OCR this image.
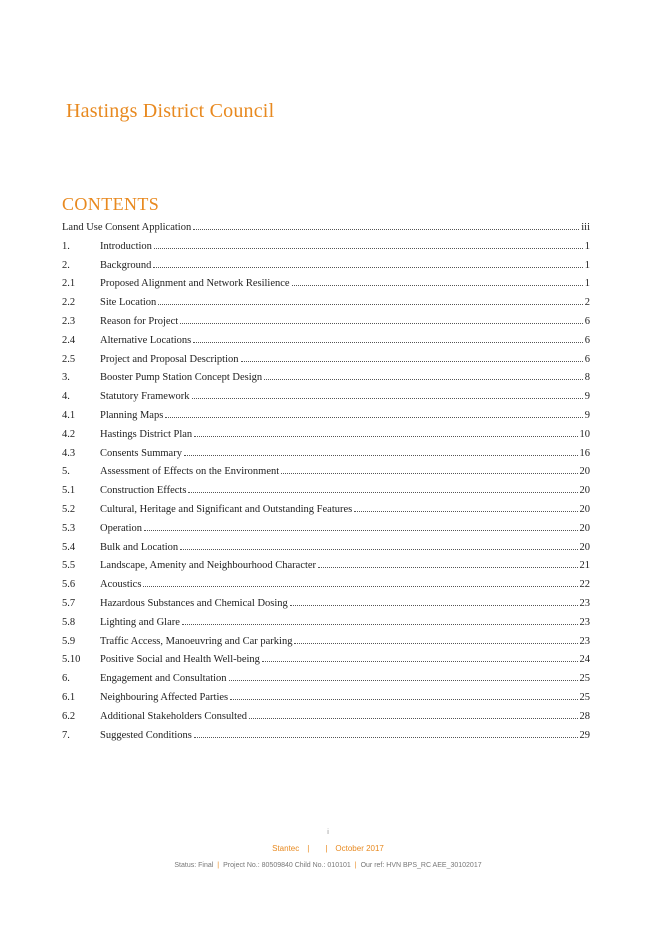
Hastings District Council
CONTENTS
Land Use Consent Application	iii
1.	Introduction	1
2.	Background	1
2.1	Proposed Alignment and Network Resilience	1
2.2	Site Location	2
2.3	Reason for Project	6
2.4	Alternative Locations	6
2.5	Project and Proposal Description	6
3.	Booster Pump Station Concept Design	8
4.	Statutory Framework	9
4.1	Planning Maps	9
4.2	Hastings District Plan	10
4.3	Consents Summary	16
5.	Assessment of Effects on the Environment	20
5.1	Construction Effects	20
5.2	Cultural, Heritage and Significant and Outstanding Features	20
5.3	Operation	20
5.4	Bulk and Location	20
5.5	Landscape, Amenity and Neighbourhood Character	21
5.6	Acoustics	22
5.7	Hazardous Substances and Chemical Dosing	23
5.8	Lighting and Glare	23
5.9	Traffic Access, Manoeuvring and Car parking	23
5.10	Positive Social and Health Well-being	24
6.	Engagement and Consultation	25
6.1	Neighbouring Affected Parties	25
6.2	Additional Stakeholders Consulted	28
7.	Suggested Conditions	29
i
Stantec | | October 2017
Status: Final | Project No.: 80509840 Child No.: 010101 | Our ref: HVN BPS_RC AEE_30102017
